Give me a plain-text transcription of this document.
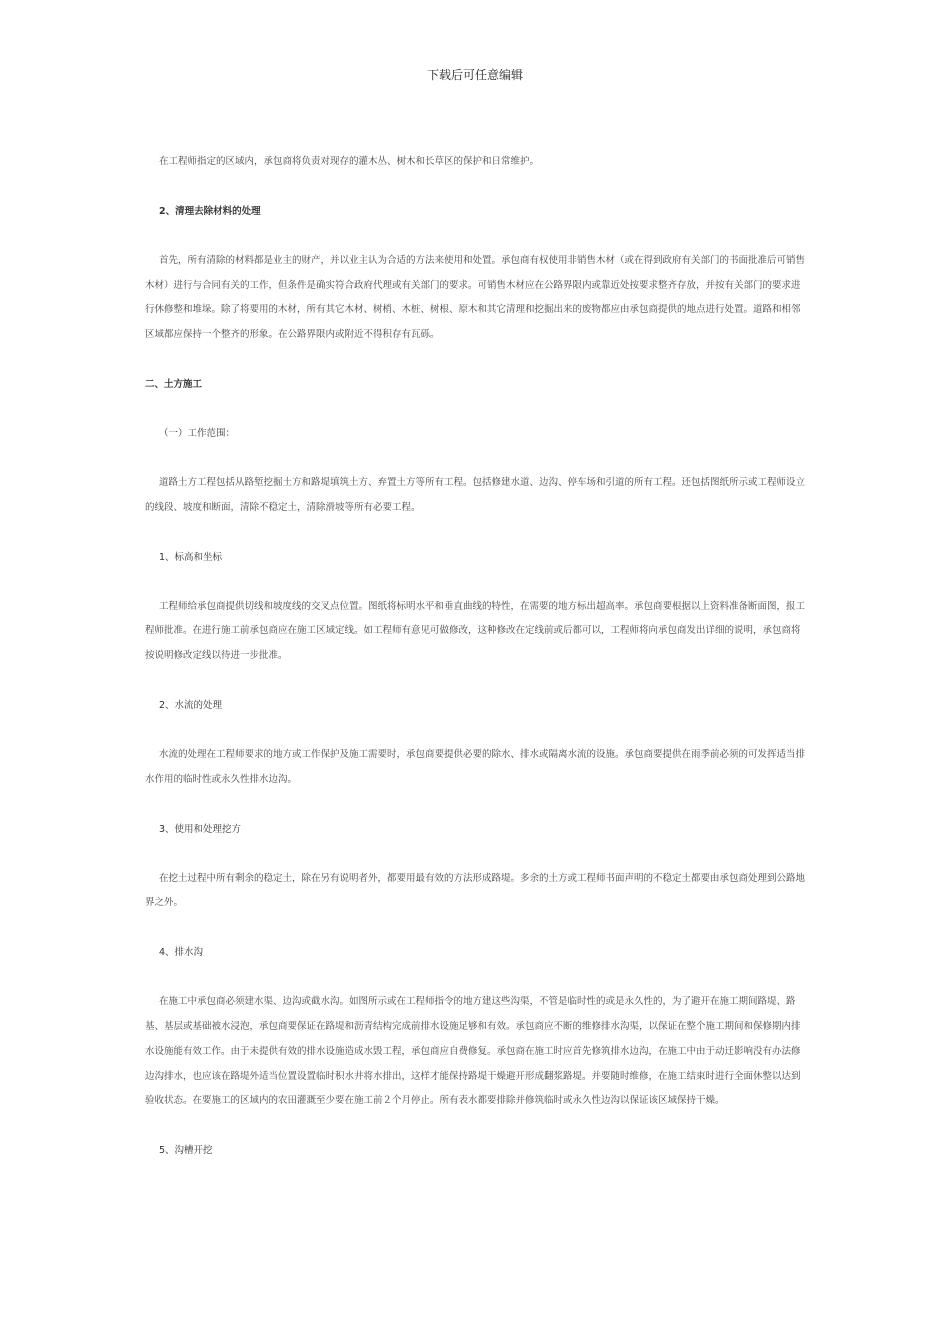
下载后可任意编辑

在工程师指定的区域内，承包商将负责对现存的灌木丛、树木和长草区的保护和日常维护。

2、清理去除材料的处理

首先，所有清除的材料都是业主的财产，并以业主认为合适的方法来使用和处置。承包商有权使用非销售木材（或在得到政府有关部门的书面批准后可销售木材）进行与合同有关的工作，但条件是确实符合政府代理或有关部门的要求。可销售木材应在公路界限内或靠近处按要求整齐存放，并按有关部门的要求进行休修整和堆垛。除了将要用的木材，所有其它木材、树梢、木桩、树根、原木和其它清理和挖掘出来的废物都应由承包商提供的地点进行处置。道路和相邻区域都应保持一个整齐的形象。在公路界限内或附近不得积存有瓦砾。

二、土方施工

（一）工作范围：

道路土方工程包括从路堑挖掘土方和路堤填筑土方、弃置土方等所有工程。包括修建水道、边沟、停车场和引道的所有工程。还包括图纸所示或工程师设立的线段、坡度和断面，清除不稳定土，清除滑坡等所有必要工程。

1、标高和坐标

工程师给承包商提供切线和坡度线的交叉点位置。图纸将标明水平和垂直曲线的特性，在需要的地方标出超高率。承包商要根据以上资料准备断面图，报工程师批准。在进行施工前承包商应在施工区域定线。如工程师有意见可做修改，这种修改在定线前或后都可以，工程师将向承包商发出详细的说明，承包商将按说明修改定线以待进一步批准。

2、水流的处理

水流的处理在工程师要求的地方或工作保护及施工需要时，承包商要提供必要的除水、排水或隔离水流的设施。承包商要提供在雨季前必须的可发挥适当排水作用的临时性或永久性排水边沟。

3、使用和处理挖方

在挖土过程中所有剩余的稳定土，除在另有说明者外，都要用最有效的方法形成路堤。多余的土方或工程师书面声明的不稳定土都要由承包商处理到公路地界之外。

4、排水沟

在施工中承包商必须建水渠、边沟或截水沟。如图所示或在工程师指令的地方建这些沟渠，不管是临时性的或是永久性的，为了避开在施工期间路堤、路基、基层或基础被水浸泡，承包商要保证在路堤和沥青结构完成前排水设施足够和有效。承包商应不断的维修排水沟渠，以保证在整个施工期间和保修期内排水设施能有效工作。由于未提供有效的排水设施造成水毁工程，承包商应自费修复。承包商在施工时应首先修筑排水边沟，在施工中由于动迁影响没有办法修边沟排水，也应该在路堤外适当位置设置临时积水井将水排出，这样才能保持路堤干燥避开形成翻浆路堤。并要随时维修，在施工结束时进行全面休整以达到验收状态。在要施工的区域内的农田灌溉至少要在施工前２个月停止。所有表水都要排除并修筑临时或永久性边沟以保证该区域保持干燥。

5、沟槽开挖
